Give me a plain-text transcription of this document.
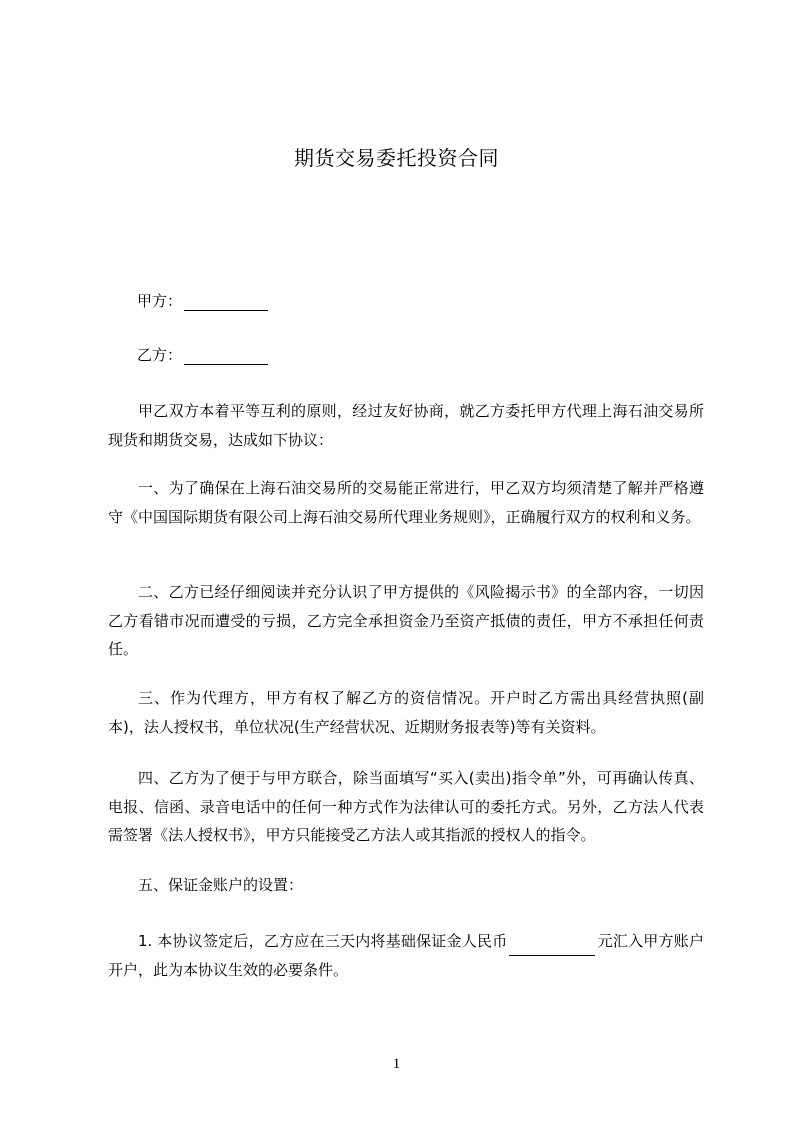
期货交易委托投资合同
甲方：
乙方：
甲乙双方本着平等互利的原则，经过友好协商，就乙方委托甲方代理上海石油交易所现货和期货交易，达成如下协议：
一、为了确保在上海石油交易所的交易能正常进行，甲乙双方均须清楚了解并严格遵守《中国国际期货有限公司上海石油交易所代理业务规则》，正确履行双方的权利和义务。
二、乙方已经仔细阅读并充分认识了甲方提供的《风险揭示书》的全部内容，一切因乙方看错市况而遭受的亏损，乙方完全承担资金乃至资产抵债的责任，甲方不承担任何责任。
三、作为代理方，甲方有权了解乙方的资信情况。开户时乙方需出具经营执照(副本)，法人授权书，单位状况(生产经营状况、近期财务报表等)等有关资料。
四、乙方为了便于与甲方联合，除当面填写“买入(卖出)指令单”外，可再确认传真、电报、信函、录音电话中的任何一种方式作为法律认可的委托方式。另外，乙方法人代表需签署《法人授权书》，甲方只能接受乙方法人或其指派的授权人的指令。
五、保证金账户的设置：
1. 本协议签定后，乙方应在三天内将基础保证金人民币	元汇入甲方账户开户，此为本协议生效的必要条件。
1
